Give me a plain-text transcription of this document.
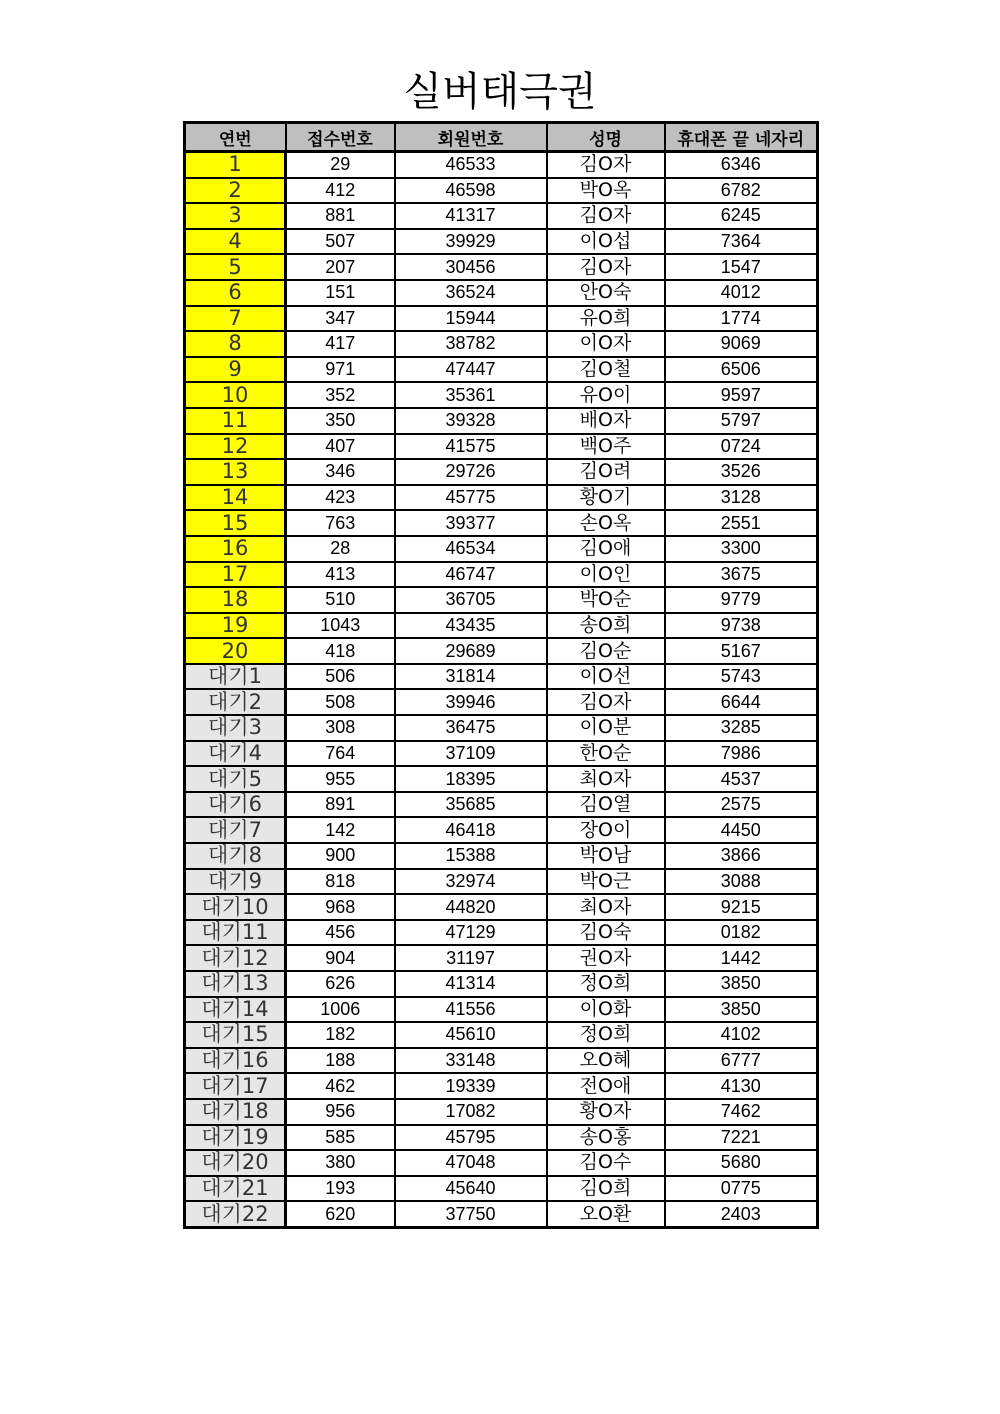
실버태극권
연번	접수번호	회원번호	성명	휴대폰 끝 네자리
1	29	46533	김O자	6346
2	412	46598	박O옥	6782
3	881	41317	김O자	6245
4	507	39929	이O섭	7364
5	207	30456	김O자	1547
6	151	36524	안O숙	4012
7	347	15944	유O희	1774
8	417	38782	이O자	9069
9	971	47447	김O철	6506
10	352	35361	유O이	9597
11	350	39328	배O자	5797
12	407	41575	백O주	0724
13	346	29726	김O려	3526
14	423	45775	황O기	3128
15	763	39377	손O옥	2551
16	28	46534	김O애	3300
17	413	46747	이O인	3675
18	510	36705	박O순	9779
19	1043	43435	송O희	9738
20	418	29689	김O순	5167
대기1	506	31814	이O선	5743
대기2	508	39946	김O자	6644
대기3	308	36475	이O분	3285
대기4	764	37109	한O순	7986
대기5	955	18395	최O자	4537
대기6	891	35685	김O열	2575
대기7	142	46418	장O이	4450
대기8	900	15388	박O남	3866
대기9	818	32974	박O근	3088
대기10	968	44820	최O자	9215
대기11	456	47129	김O숙	0182
대기12	904	31197	권O자	1442
대기13	626	41314	정O희	3850
대기14	1006	41556	이O화	3850
대기15	182	45610	정O희	4102
대기16	188	33148	오O혜	6777
대기17	462	19339	전O애	4130
대기18	956	17082	황O자	7462
대기19	585	45795	송O홍	7221
대기20	380	47048	김O수	5680
대기21	193	45640	김O희	0775
대기22	620	37750	오O환	2403
